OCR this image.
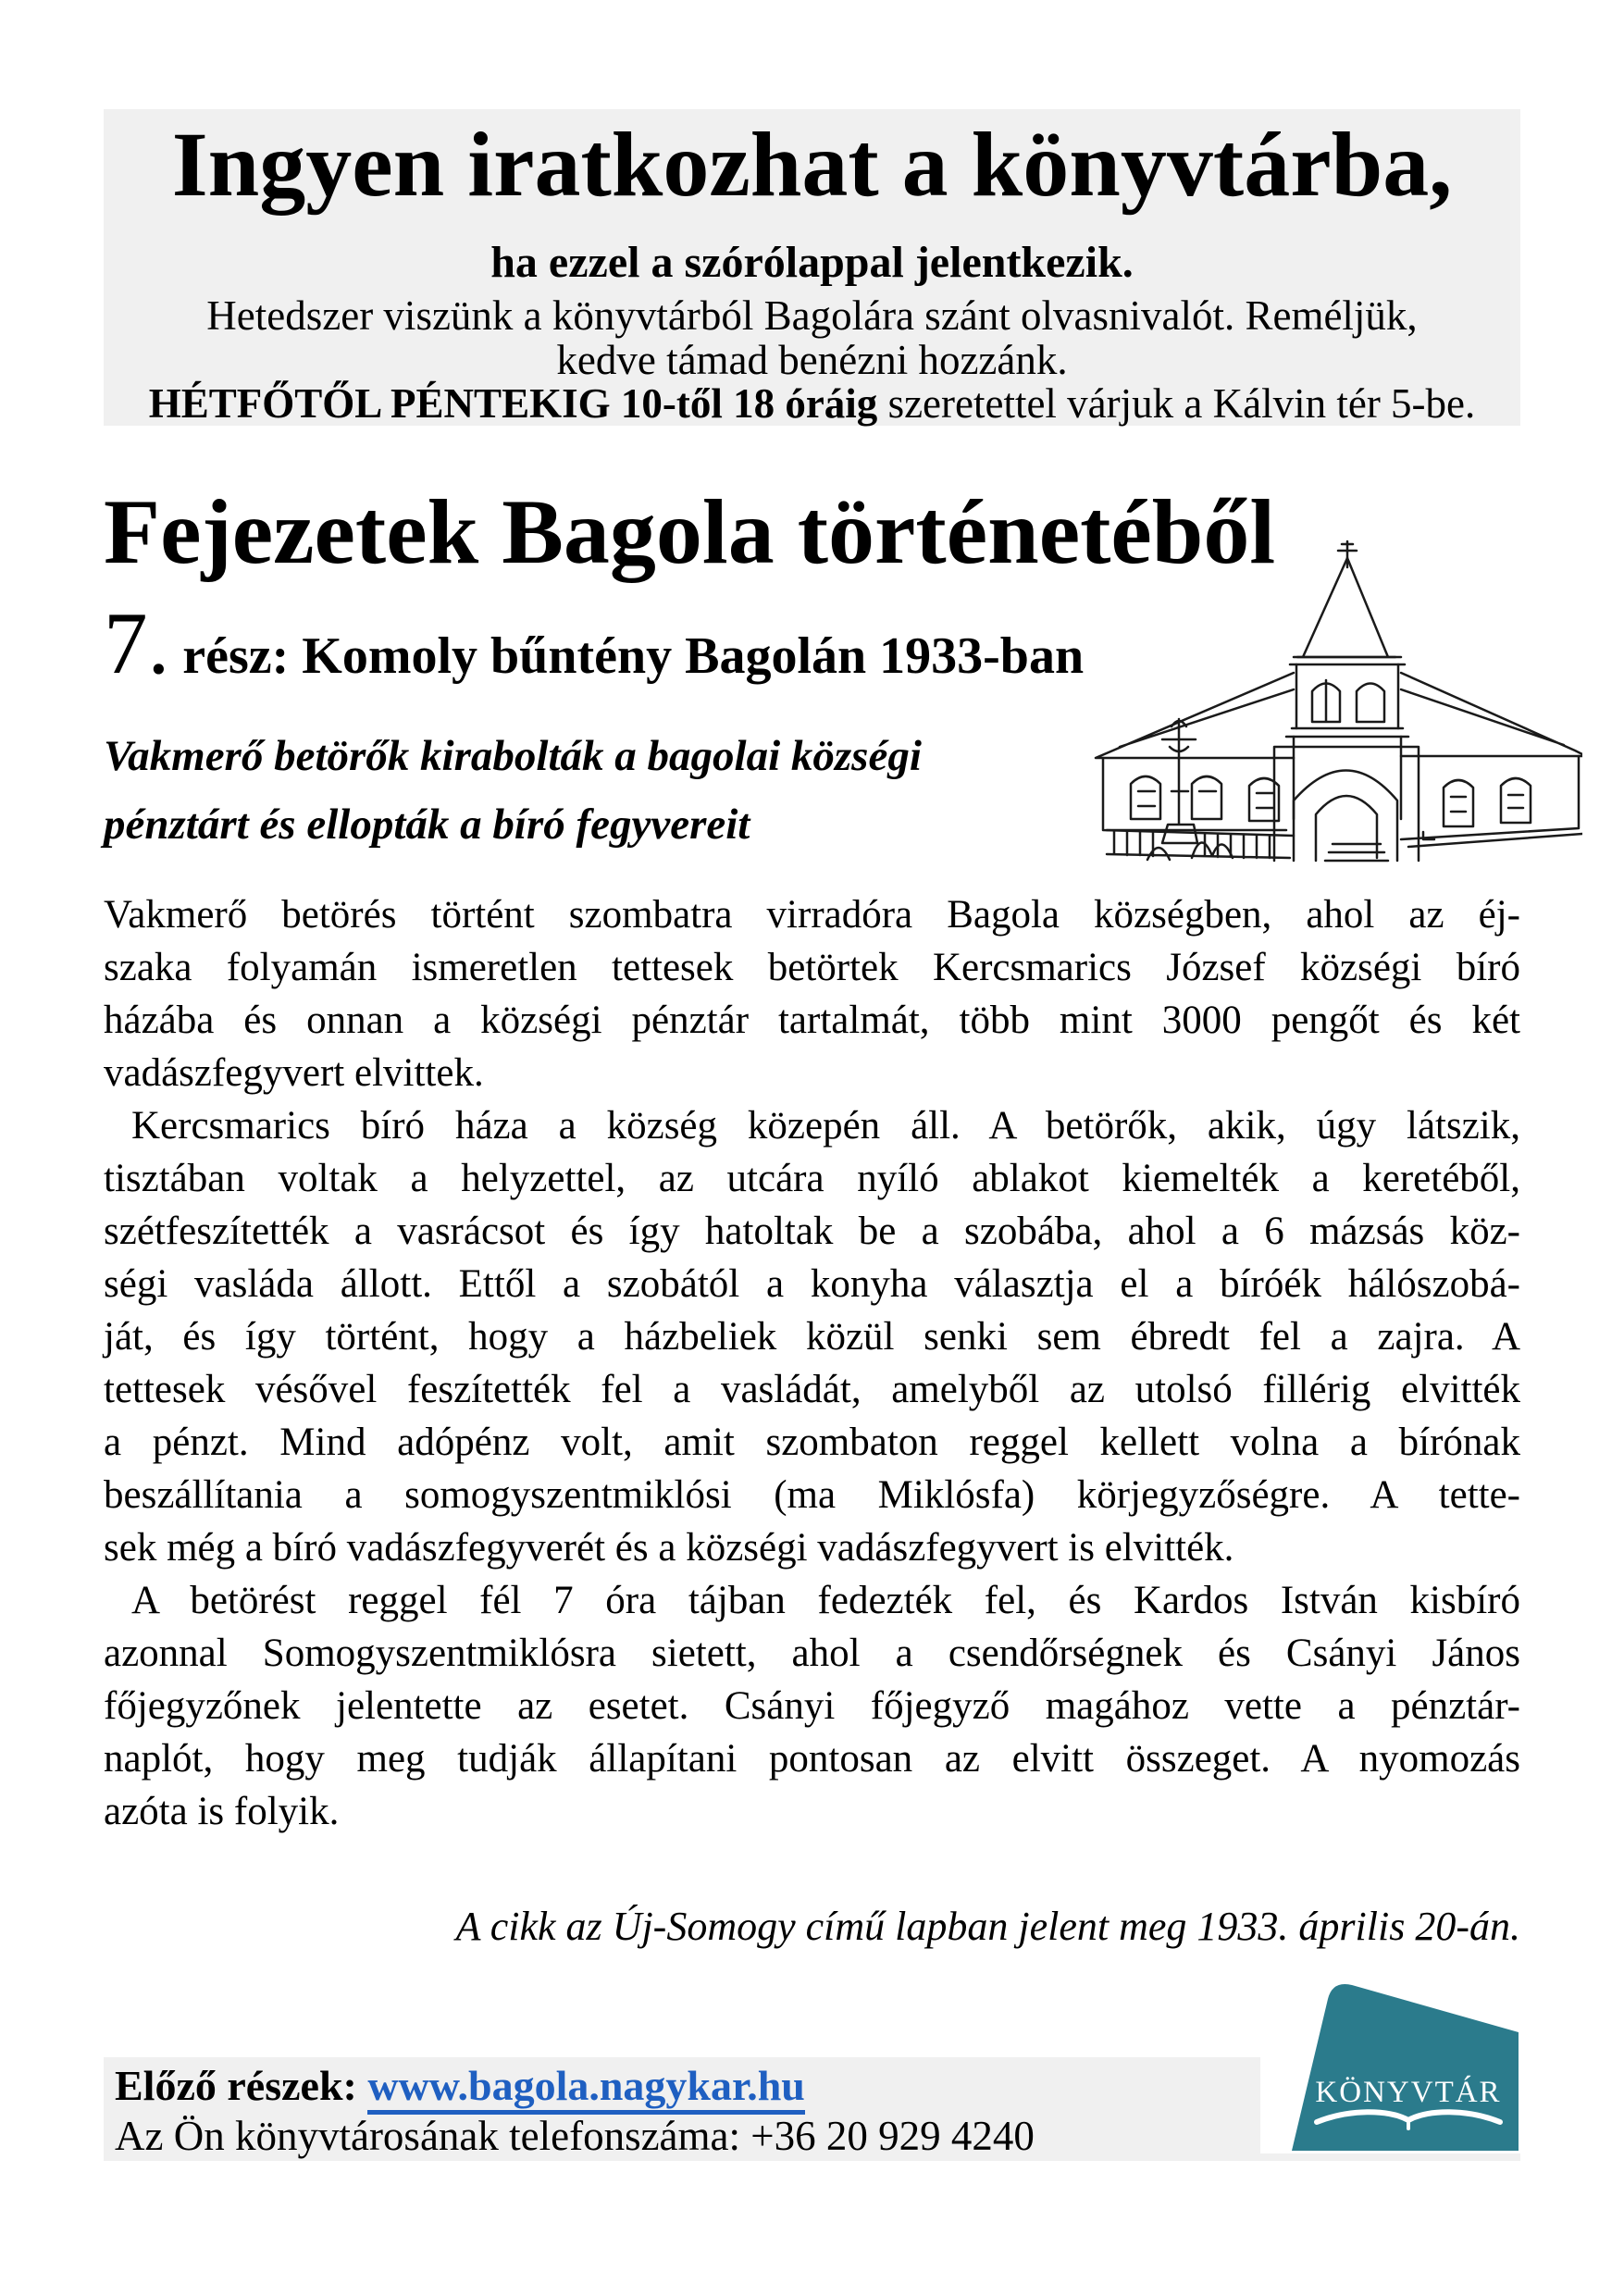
Ingyen iratkozhat a könyvtárba,
ha ezzel a szórólappal jelentkezik.
Hetedszer viszünk a könyvtárból Bagolára szánt olvasnivalót. Reméljük,
kedve támad benézni hozzánk.
HÉTFŐTŐL PÉNTEKIG 10-től 18 óráig szeretettel várjuk a Kálvin tér 5-be.
Fejezetek Bagola történetéből
7. rész: Komoly bűntény Bagolán 1933-ban
Vakmerő betörők kirabolták a bagolai községi
pénztárt és ellopták a bíró fegyvereit
Vakmerő betörés történt szombatra virradóra Bagola községben, ahol az éj-
szaka folyamán ismeretlen tettesek betörtek Kercsmarics József községi bíró
házába és onnan a községi pénztár tartalmát, több mint 3000 pengőt és két
vadászfegyvert elvittek.
Kercsmarics bíró háza a község közepén áll. A betörők, akik, úgy látszik,
tisztában voltak a helyzettel, az utcára nyíló ablakot kiemelték a keretéből,
szétfeszítették a vasrácsot és így hatoltak be a szobába, ahol a 6 mázsás köz-
ségi vasláda állott. Ettől a szobától a konyha választja el a bíróék hálószobá-
ját, és így történt, hogy a házbeliek közül senki sem ébredt fel a zajra. A
tettesek vésővel feszítették fel a vasládát, amelyből az utolsó fillérig elvitték
a pénzt. Mind adópénz volt, amit szombaton reggel kellett volna a bírónak
beszállítania a somogyszentmiklósi (ma Miklósfa) körjegyzőségre. A tette-
sek még a bíró vadászfegyverét és a községi vadászfegyvert is elvitték.
A betörést reggel fél 7 óra tájban fedezték fel, és Kardos István kisbíró
azonnal Somogyszentmiklósra sietett, ahol a csendőrségnek és Csányi János
főjegyzőnek jelentette az esetet. Csányi főjegyző magához vette a pénztár-
naplót, hogy meg tudják állapítani pontosan az elvitt összeget. A nyomozás
azóta is folyik.
A cikk az Új-Somogy című lapban jelent meg 1933. április 20-án.
Előző részek: www.bagola.nagykar.hu
Az Ön könyvtárosának telefonszáma: +36 20 929 4240
KÖNYVTÁR
